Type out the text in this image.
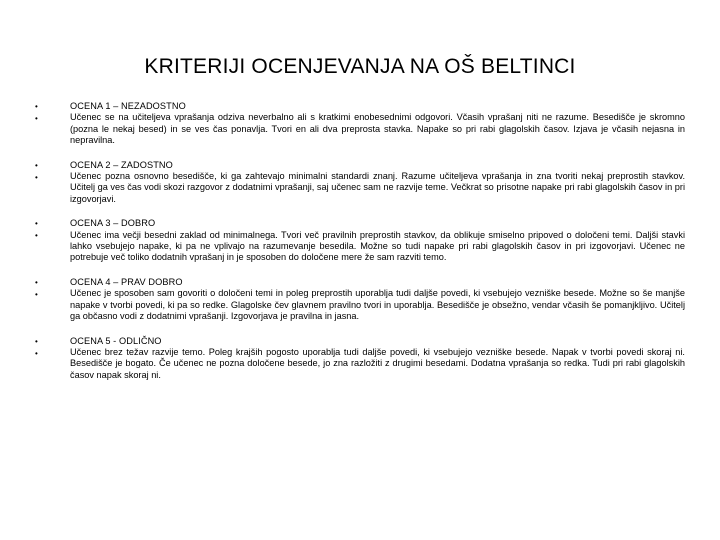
KRITERIJI OCENJEVANJA NA OŠ BELTINCI
•
•
OCENA 1 – NEZADOSTNO
Učenec se na učiteljeva vprašanja odziva neverbalno ali s kratkimi enobesednimi odgovori. Včasih vprašanj niti ne razume. Besedišče je skromno (pozna le nekaj besed) in se ves čas ponavlja. Tvori en ali dva preprosta stavka. Napake so pri rabi glagolskih časov. Izjava je včasih nejasna in nepravilna.
•
•
OCENA 2 – ZADOSTNO
Učenec pozna osnovno besedišče, ki ga zahtevajo minimalni standardi znanj. Razume učiteljeva vprašanja in zna tvoriti nekaj preprostih stavkov. Učitelj ga ves čas vodi skozi razgovor z dodatnimi vprašanji, saj učenec sam ne razvije teme. Večkrat so prisotne napake pri rabi glagolskih časov in pri izgovorjavi.
•
•
OCENA 3 – DOBRO
Učenec ima večji besedni zaklad od minimalnega. Tvori več pravilnih preprostih stavkov, da oblikuje smiselno pripoved o določeni temi. Daljši stavki lahko vsebujejo napake, ki pa ne vplivajo na razumevanje besedila. Možne so tudi napake pri rabi glagolskih časov in pri izgovorjavi. Učenec ne potrebuje več toliko dodatnih vprašanj in je sposoben do določene mere že sam razviti temo.
•
•
OCENA 4 – PRAV DOBRO
Učenec je sposoben sam govoriti o določeni temi in poleg preprostih uporablja tudi daljše povedi, ki vsebujejo vezniške besede. Možne so še manjše napake v tvorbi povedi, ki pa so redke. Glagolske čev glavnem pravilno tvori in uporablja. Besedišče je obsežno, vendar včasih še pomanjkljivo. Učitelj ga občasno vodi z dodatnimi vprašanji. Izgovorjava je pravilna in jasna.
•
•
OCENA 5 - ODLIČNO
Učenec brez težav razvije temo. Poleg krajših pogosto uporablja tudi daljše povedi, ki vsebujejo vezniške besede. Napak v tvorbi povedi skoraj ni. Besedišče je bogato. Če učenec ne pozna določene besede, jo zna razložiti z drugimi besedami. Dodatna vprašanja so redka. Tudi pri rabi glagolskih časov napak skoraj ni.
